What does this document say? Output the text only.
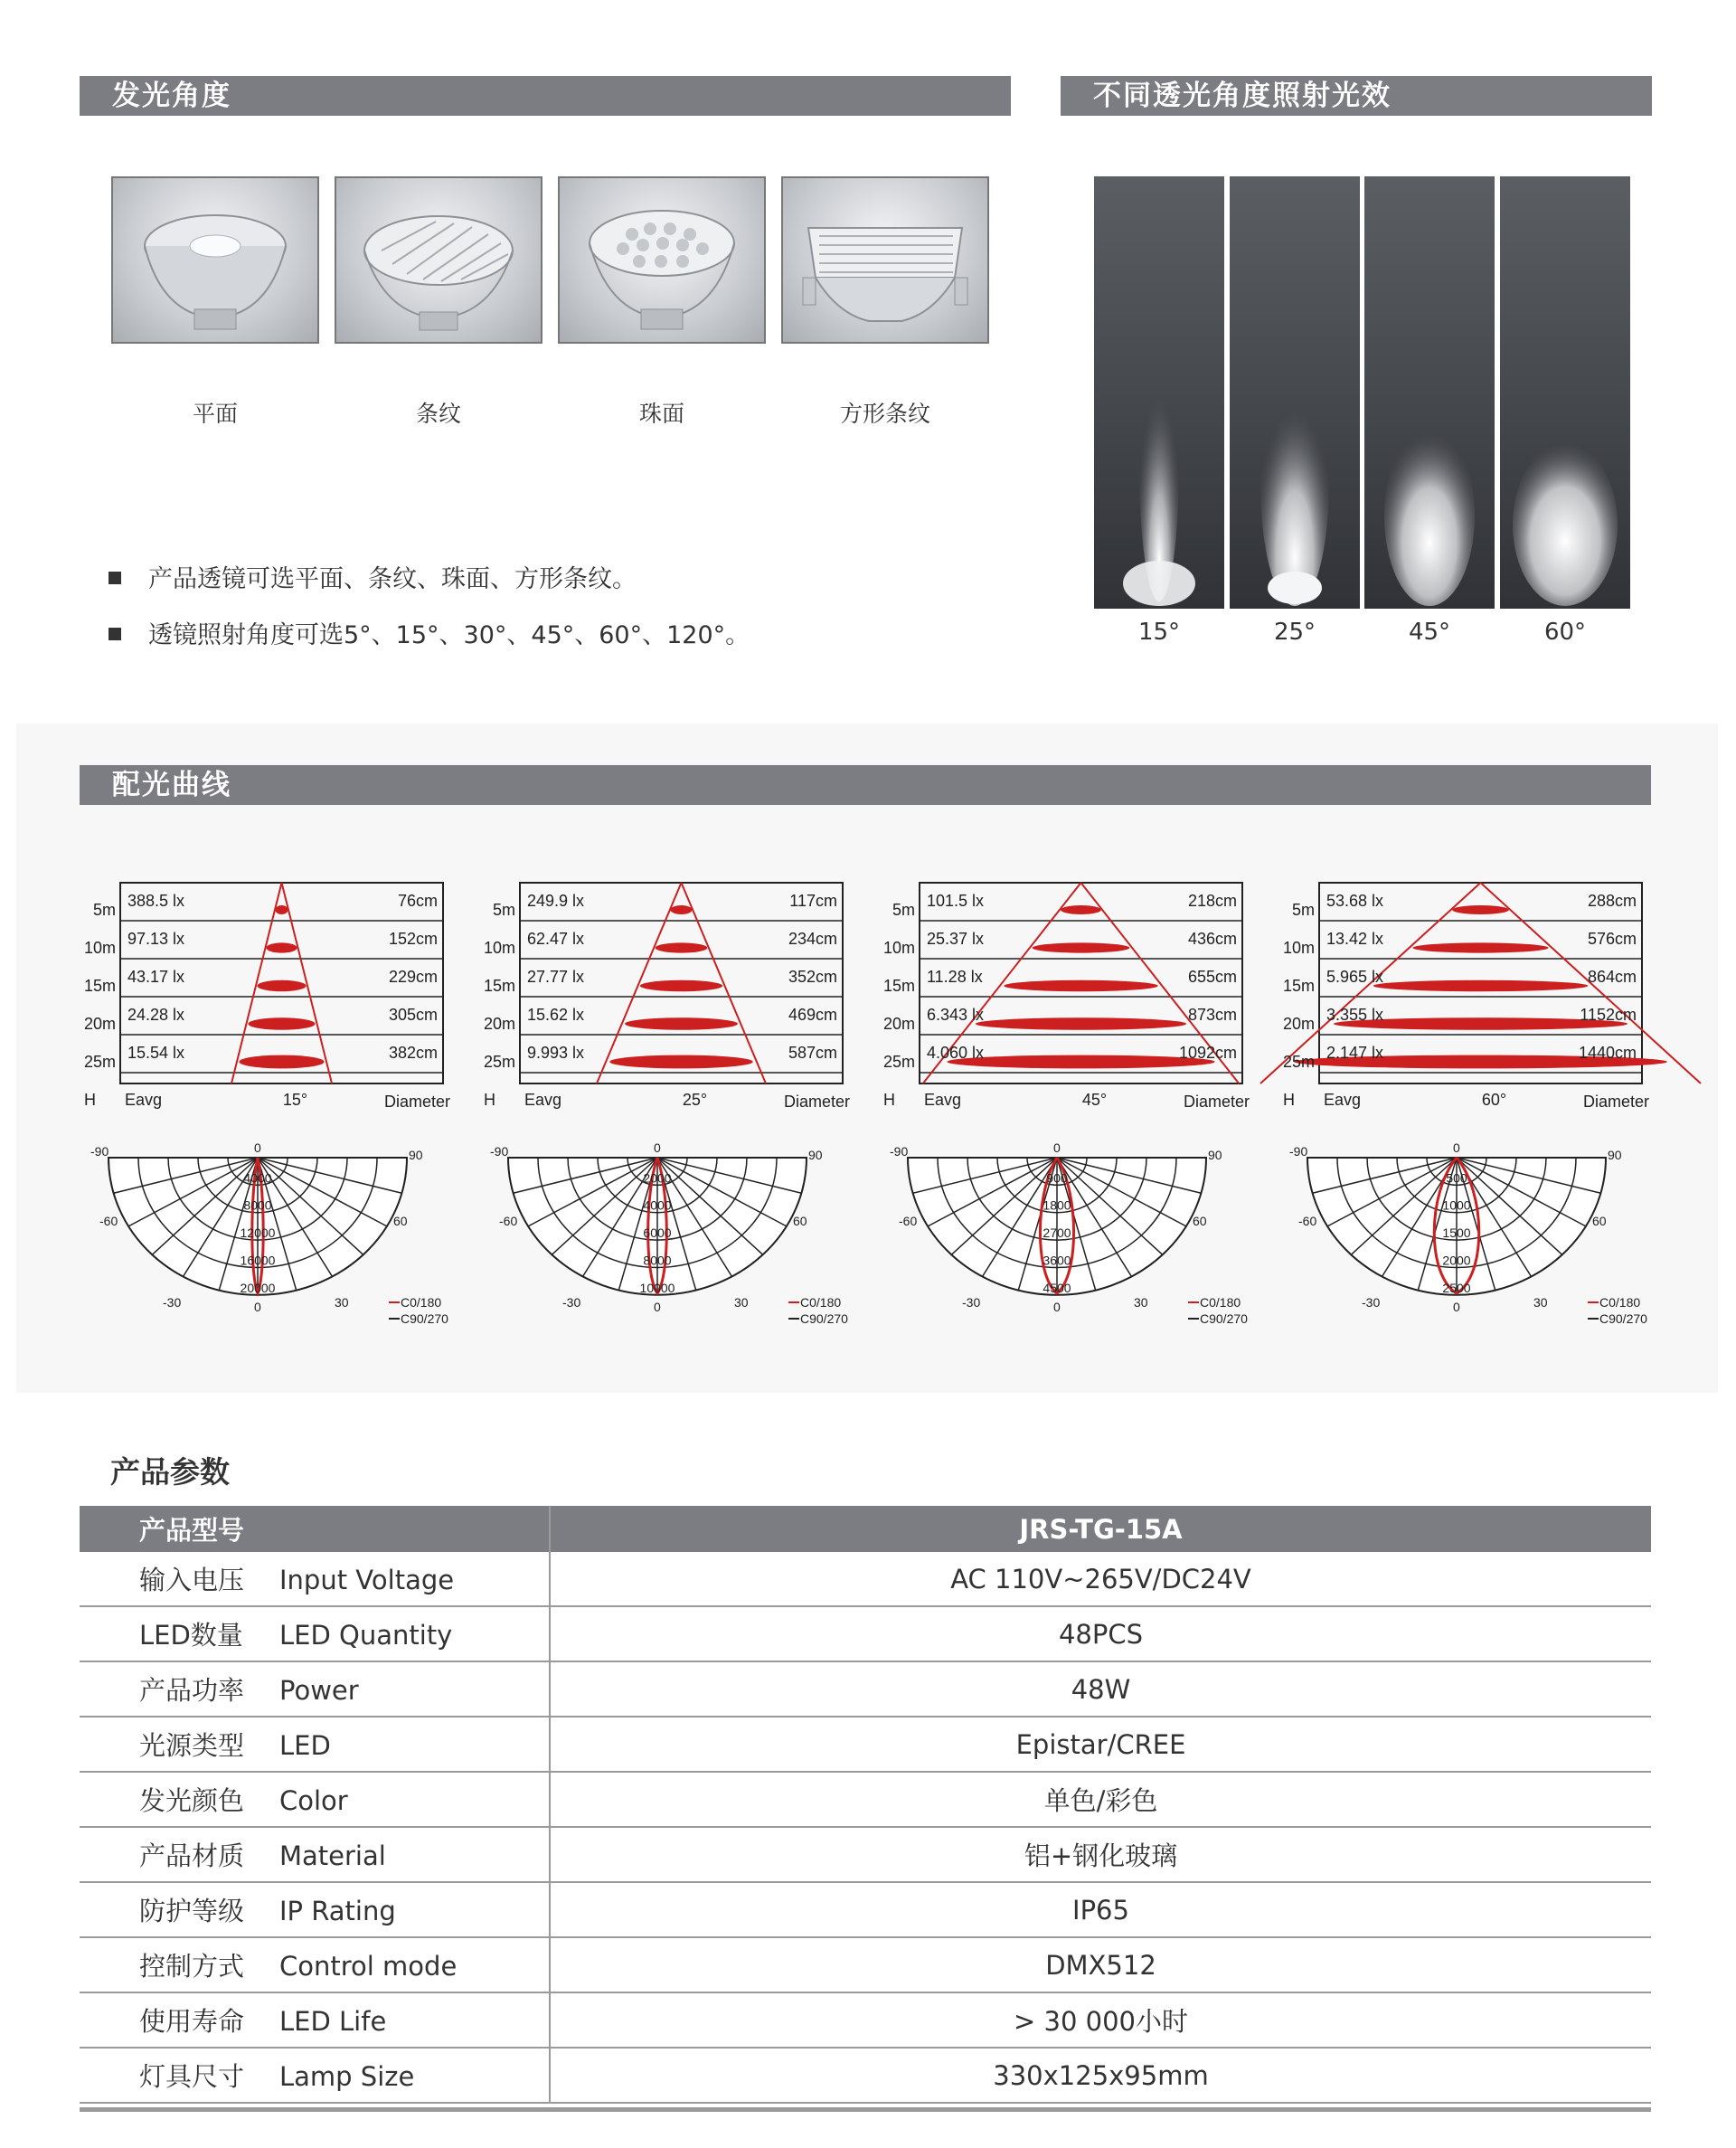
发光角度	不同透光角度照射光效
平面	条纹	珠面	方形条纹
产品透镜可选平面、条纹、珠面、方形条纹。
透镜照射角度可选5°、15°、30°、45°、60°、120°。	15°	25°	45°	60°
配光曲线
5m 388.5 lx	76cm
10m 97.13 lx	152cm
15m 43.17 lx	229cm
20m 24.28 lx	305cm
25m 15.54 lx	382cm
H Eavg	15°	Diameter
4000
8000
12000
16000
20000
-90	90
-60	60
-30	30
0
0	C0/180
C90/270
5m 249.9 lx	117cm
10m 62.47 lx	234cm
15m 27.77 lx	352cm
20m 15.62 lx	469cm
25m 9.993 lx	587cm
H Eavg	25°	Diameter
2000
4000
6000
8000
10000
-90	90
-60	60
-30	30
0
0	C0/180
C90/270
5m 101.5 lx	218cm
10m 25.37 lx	436cm
15m 11.28 lx	655cm
20m 6.343 lx	873cm
25m 4.060 lx	1092cm
H Eavg	45°	Diameter
900
1800
2700
3600
4500
-90	90
-60	60
-30	30
0
0	C0/180
C90/270
5m 53.68 lx	288cm
10m 13.42 lx	576cm
15m 5.965 lx	864cm
20m 3.355 lx	1152cm
25m 2.147 lx	1440cm
H Eavg	60°	Diameter
500
1000
1500
2000
2500
-90	90
-60	60
-30	30
0
0	C0/180
C90/270
产品参数
产品型号	JRS-TG-15A
输入电压 Input Voltage	AC 110V~265V/DC24V
LED数量 LED Quantity	48PCS
产品功率 Power	48W
光源类型 LED	Epistar/CREE
发光颜色 Color	单色/彩色
产品材质 Material	铝+钢化玻璃
防护等级 IP Rating	IP65
控制方式 Control mode	DMX512
使用寿命 LED Life	> 30 000小时
灯具尺寸 Lamp Size	330x125x95mm
